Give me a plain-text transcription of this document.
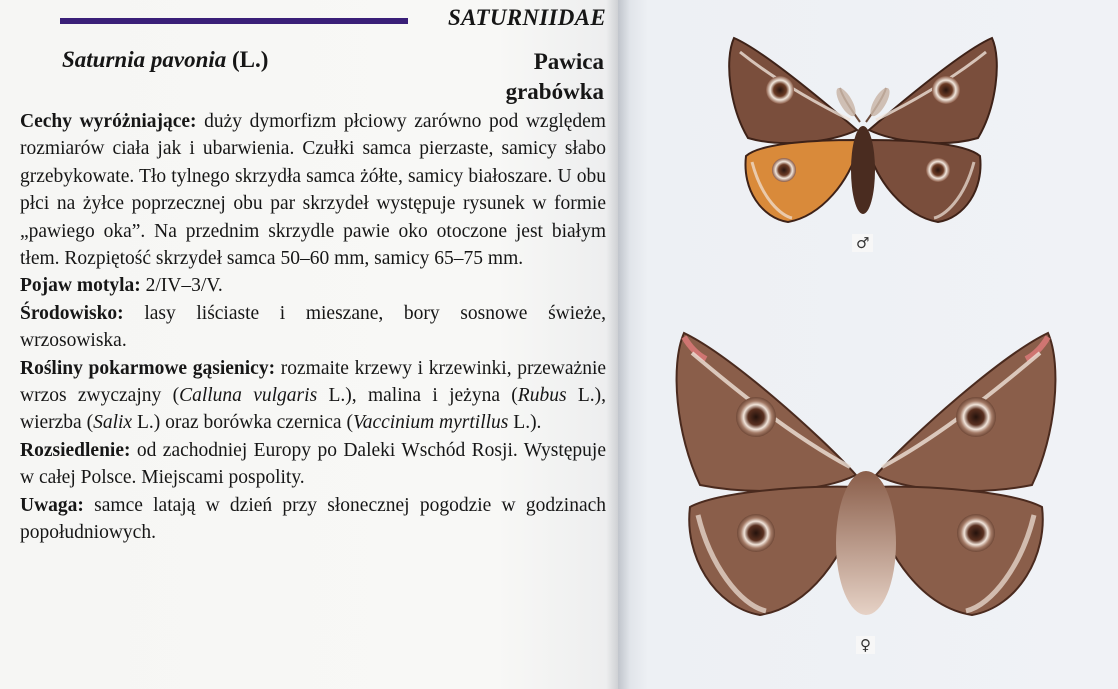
SATURNIIDAE
Saturnia pavonia (L.)	Pawica
grabówka

Cechy wyróżniające: duży dymorfizm płciowy zarówno pod względem rozmiarów ciała jak i ubarwienia. Czułki samca pierzaste, samicy słabo grzebykowate. Tło tylnego skrzydła samca żółte, samicy białoszare. U obu płci na żyłce poprzecznej obu par skrzydeł występuje rysunek w formie „pawiego oka”. Na przednim skrzydle pawie oko otoczone jest białym tłem. Rozpiętość skrzydeł samca 50–60 mm, samicy 65–75 mm.

Pojaw motyla: 2/IV–3/V.

Środowisko: lasy liściaste i mieszane, bory sosnowe świeże, wrzosowiska.

Rośliny pokarmowe gąsienicy: rozmaite krzewy i krzewinki, przeważnie wrzos zwyczajny (Calluna vulgaris L.), malina i jeżyna (Rubus L.), wierzba (Salix L.) oraz borówka czernica (Vaccinium myrtillus L.).

Rozsiedlenie: od zachodniej Europy po Daleki Wschód Rosji. Występuje w całej Polsce. Miejscami pospolity.

Uwaga: samce latają w dzień przy słonecznej pogodzie w godzinach popołudniowych.

♂
♀
